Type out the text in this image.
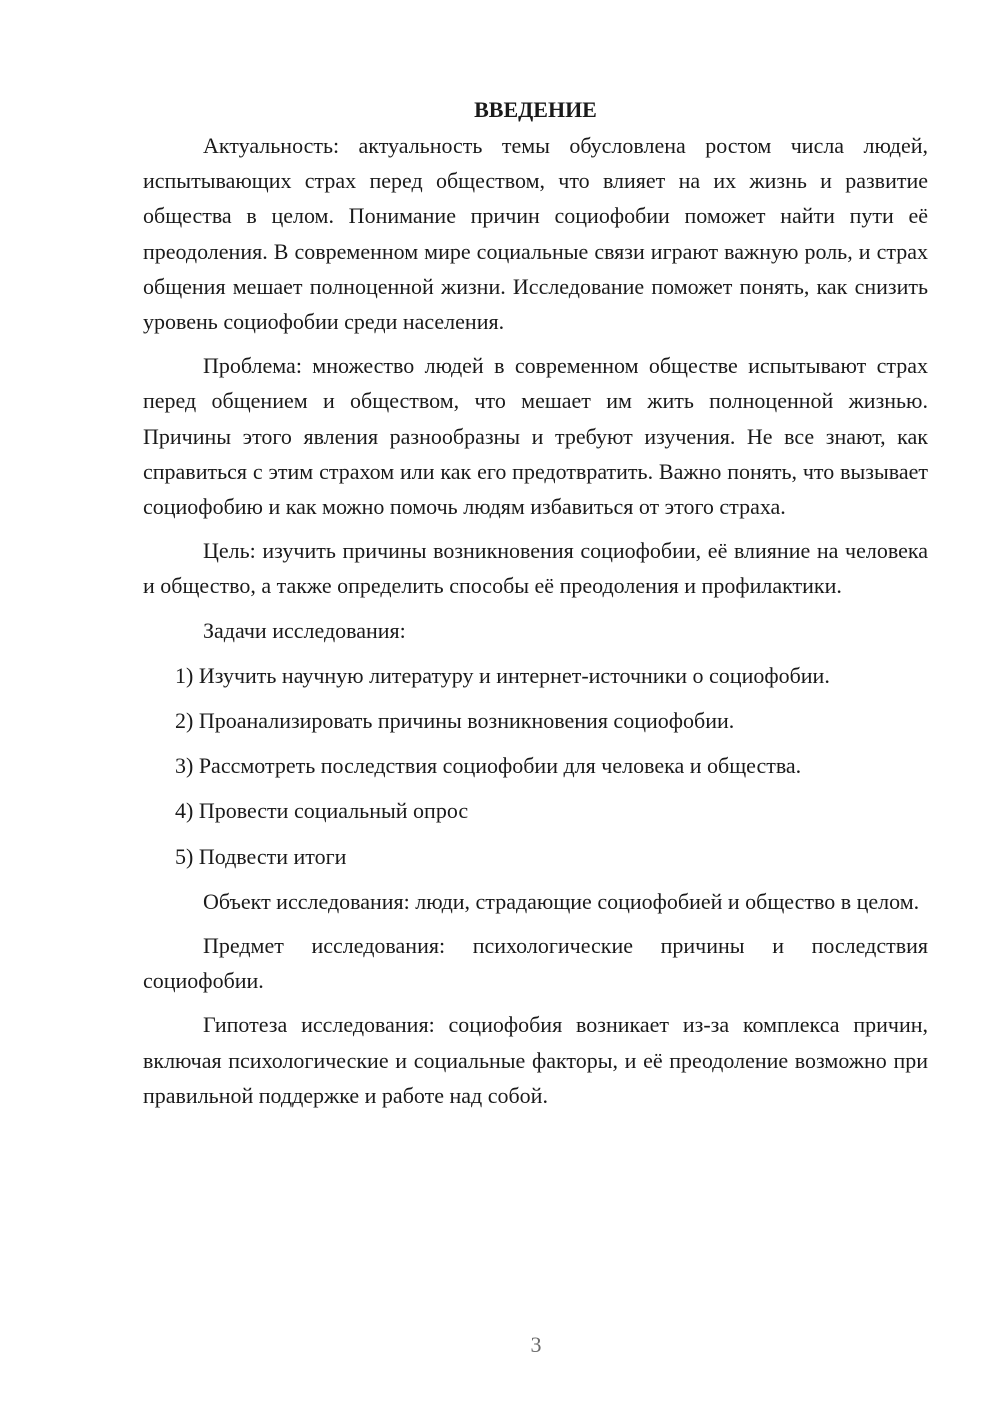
ВВЕДЕНИЕ

Актуальность: актуальность темы обусловлена ростом числа людей, испытывающих страх перед обществом, что влияет на их жизнь и развитие общества в целом. Понимание причин социофобии поможет найти пути её преодоления. В современном мире социальные связи играют важную роль, и страх общения мешает полноценной жизни. Исследование поможет понять, как снизить уровень социофобии среди населения.

Проблема: множество людей в современном обществе испытывают страх перед общением и обществом, что мешает им жить полноценной жизнью. Причины этого явления разнообразны и требуют изучения. Не все знают, как справиться с этим страхом или как его предотвратить. Важно понять, что вызывает социофобию и как можно помочь людям избавиться от этого страха.

Цель: изучить причины возникновения социофобии, её влияние на человека и общество, а также определить способы её преодоления и профилактики.

Задачи исследования:
1) Изучить научную литературу и интернет-источники о социофобии.
2) Проанализировать причины возникновения социофобии.
3) Рассмотреть последствия социофобии для человека и общества.
4) Провести социальный опрос
5) Подвести итоги

Объект исследования: люди, страдающие социофобией и общество в целом.

Предмет исследования: психологические причины и последствия социофобии.

Гипотеза исследования: социофобия возникает из-за комплекса причин, включая психологические и социальные факторы, и её преодоление возможно при правильной поддержке и работе над собой.

3
